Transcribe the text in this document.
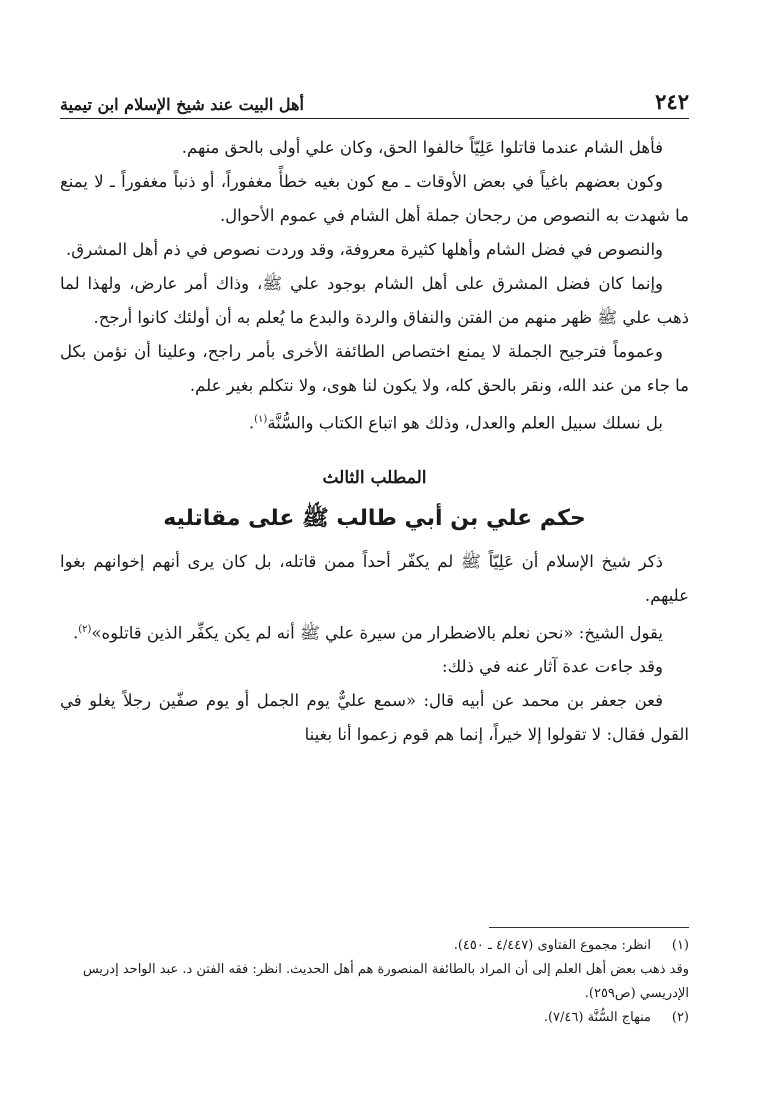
٢٤٢
أهل البيت عند شيخ الإسلام ابن تيمية

فأهل الشام عندما قاتلوا عَلِيّاً خالفوا الحق، وكان علي أولى بالحق منهم.

وكون بعضهم باغياً في بعض الأوقات ـ مع كون بغيه خطأً مغفوراً، أو ذنباً مغفوراً ـ لا يمنع ما شهدت به النصوص من رجحان جملة أهل الشام في عموم الأحوال.

والنصوص في فضل الشام وأهلها كثيرة معروفة، وقد وردت نصوص في ذم أهل المشرق.

وإنما كان فضل المشرق على أهل الشام بوجود علي ﷺ، وذاك أمر عارض، ولهذا لما ذهب علي ﷺ ظهر منهم من الفتن والنفاق والردة والبدع ما يُعلم به أن أولئك كانوا أرجح.

وعموماً فترجيح الجملة لا يمنع اختصاص الطائفة الأخرى بأمر راجح، وعلينا أن نؤمن بكل ما جاء من عند الله، ونقر بالحق كله، ولا يكون لنا هوى، ولا نتكلم بغير علم.

بل نسلك سبيل العلم والعدل، وذلك هو اتباع الكتاب والسُّنَّة$^{(١)}$.

المطلب الثالث
حكم علي بن أبي طالب ﷺ على مقاتليه

ذكر شيخ الإسلام أن عَلِيّاً ﷺ لم يكفّر أحداً ممن قاتله، بل كان يرى أنهم إخوانهم بغوا عليهم.

يقول الشيخ: «نحن نعلم بالاضطرار من سيرة علي ﷺ أنه لم يكن يكفِّر الذين قاتلوه»$^{(٢)}$.

وقد جاءت عدة آثار عنه في ذلك:

فعن جعفر بن محمد عن أبيه قال: «سمع عليٌّ يوم الجمل أو يوم صفّين رجلاً يغلو في القول فقال: لا تقولوا إلا خيراً، إنما هم قوم زعموا أنا بغينا

(١)
انظر: مجموع الفتاوى (٤/٤٤٧ ـ ٤٥٠).
وقد ذهب بعض أهل العلم إلى أن المراد بالطائفة المنصورة هم أهل الحديث. انظر: فقه الفتن د. عبد الواحد إدريس الإدريسي (ص٢٥٩).
(٢)
منهاج السُّنَّة (٧/٤٦).
